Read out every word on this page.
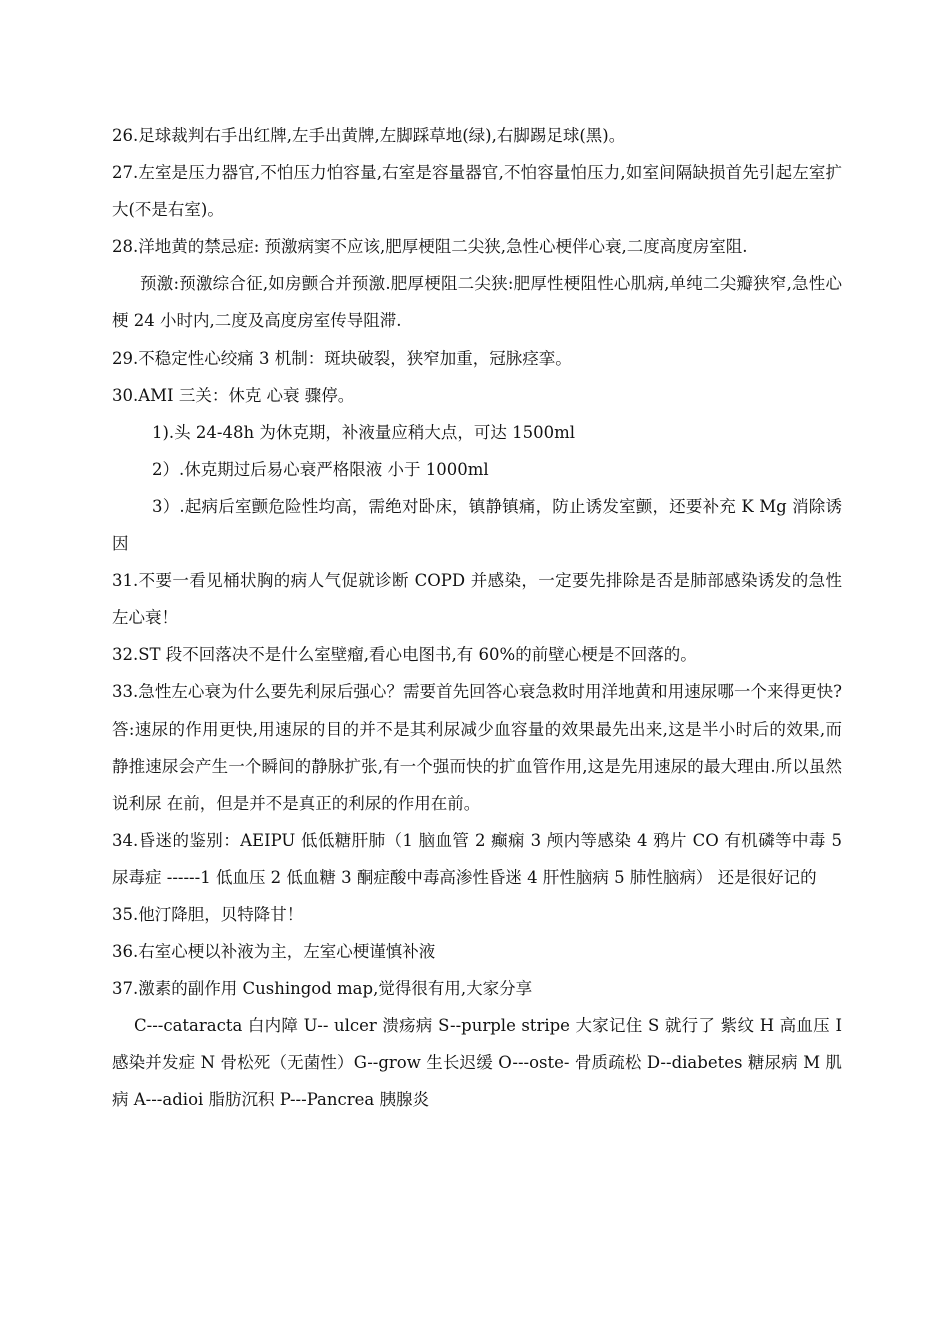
26.足球裁判右手出红牌,左手出黄牌,左脚踩草地(绿),右脚踢足球(黑)。

27.左室是压力器官,不怕压力怕容量,右室是容量器官,不怕容量怕压力,如室间隔缺损首先引起左室扩大(不是右室)。

28.洋地黄的禁忌症: 预激病窦不应该,肥厚梗阻二尖狭,急性心梗伴心衰,二度高度房室阻.

预激:预激综合征,如房颤合并预激.肥厚梗阻二尖狭:肥厚性梗阻性心肌病,单纯二尖瓣狭窄,急性心梗 24 小时内,二度及高度房室传导阻滞.

29.不稳定性心绞痛 3 机制：斑块破裂，狭窄加重，冠脉痉挛。

30.AMI 三关：休克 心衰 骤停。

1).头 24-48h 为休克期，补液量应稍大点，可达 1500ml

2）.休克期过后易心衰严格限液 小于 1000ml

3）.起病后室颤危险性均高，需绝对卧床，镇静镇痛，防止诱发室颤，还要补充 K Mg 消除诱因

31.不要一看见桶状胸的病人气促就诊断 COPD 并感染，一定要先排除是否是肺部感染诱发的急性左心衰！

32.ST 段不回落决不是什么室壁瘤,看心电图书,有 60%的前壁心梗是不回落的。

33.急性左心衰为什么要先利尿后强心？需要首先回答心衰急救时用洋地黄和用速尿哪一个来得更快?答:速尿的作用更快,用速尿的目的并不是其利尿减少血容量的效果最先出来,这是半小时后的效果,而静推速尿会产生一个瞬间的静脉扩张,有一个强而快的扩血管作用,这是先用速尿的最大理由.所以虽然说利尿 在前，但是并不是真正的利尿的作用在前。

34.昏迷的鉴别：AEIPU 低低糖肝肺（1 脑血管 2 癫痫 3 颅内等感染 4 鸦片 CO 有机磷等中毒 5 尿毒症 ------1 低血压 2 低血糖 3 酮症酸中毒高渗性昏迷 4 肝性脑病 5 肺性脑病） 还是很好记的

35.他汀降胆，贝特降甘！

36.右室心梗以补液为主，左室心梗谨慎补液

37.激素的副作用 Cushingod map,觉得很有用,大家分享

C---cataracta 白内障 U-- ulcer 溃疡病 S--purple stripe 大家记住 S 就行了 紫纹 H 高血压 I 感染并发症 N 骨松死（无菌性）G--grow 生长迟缓 O---oste- 骨质疏松 D--diabetes 糖尿病 M 肌病 A---adioi 脂肪沉积 P---Pancrea 胰腺炎
